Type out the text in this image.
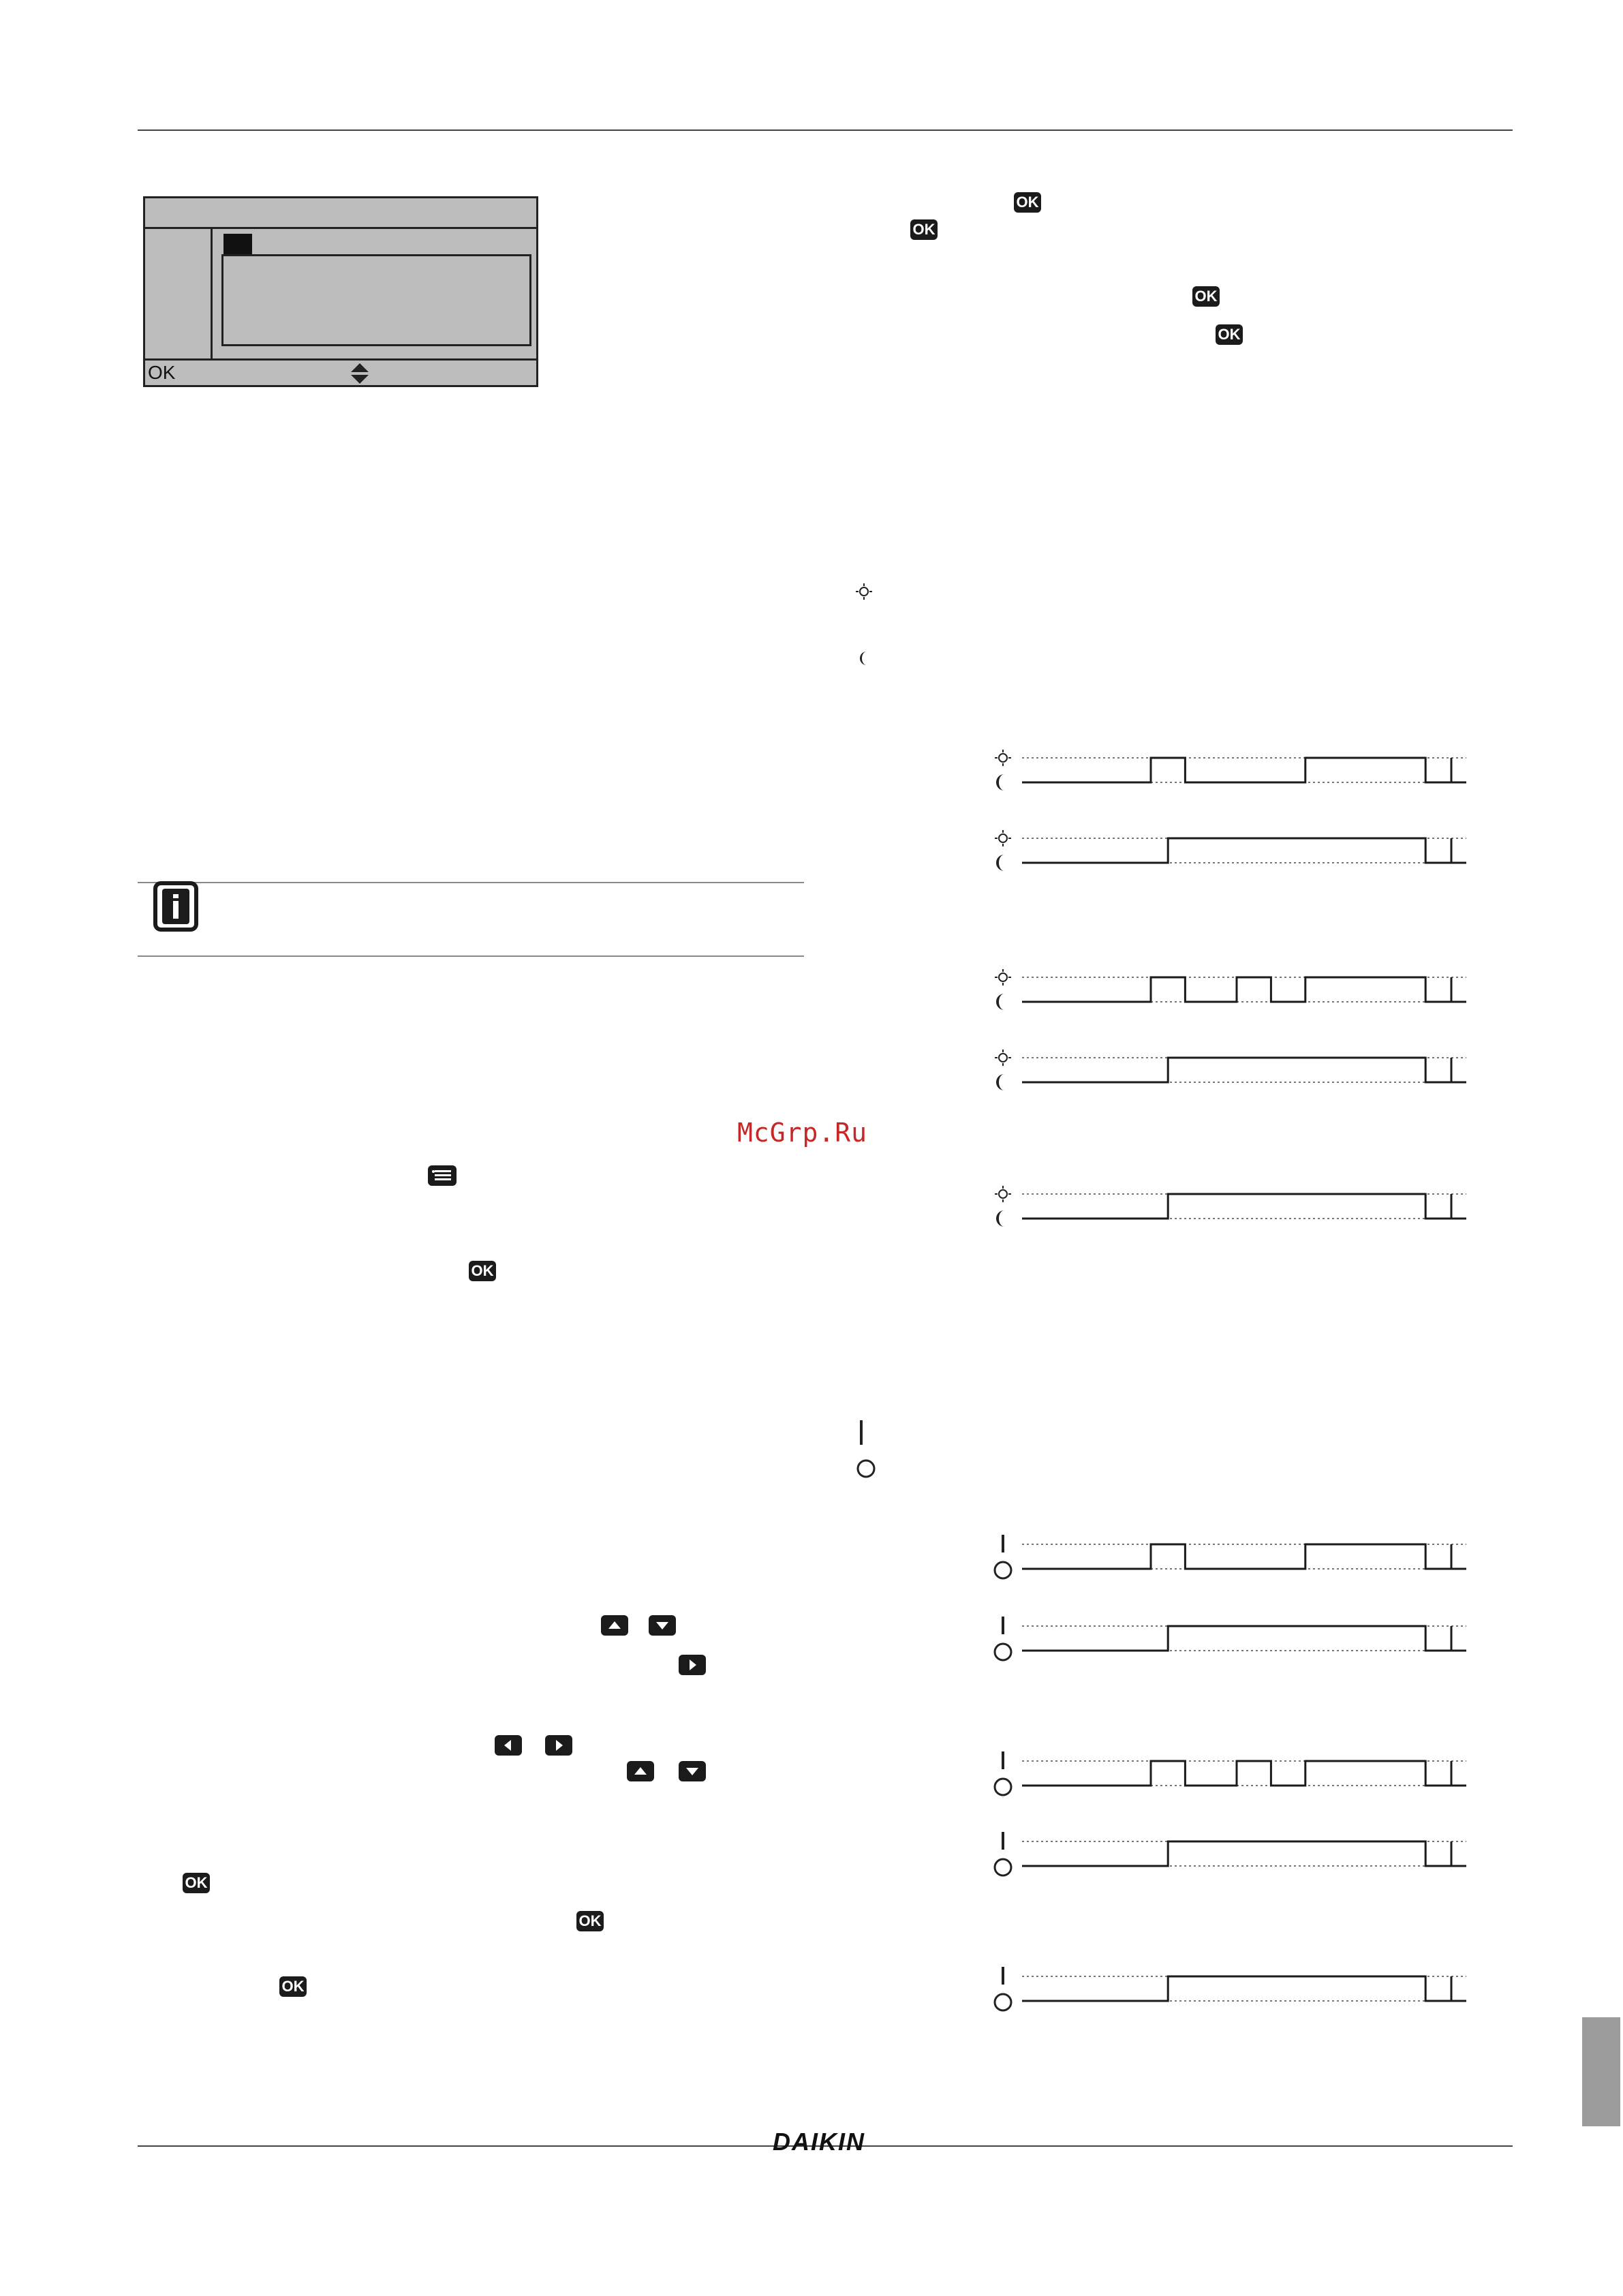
OK
McGrp.Ru
OK
OK
OK
OK
OK
OK
OK
OK
DAIKIN
